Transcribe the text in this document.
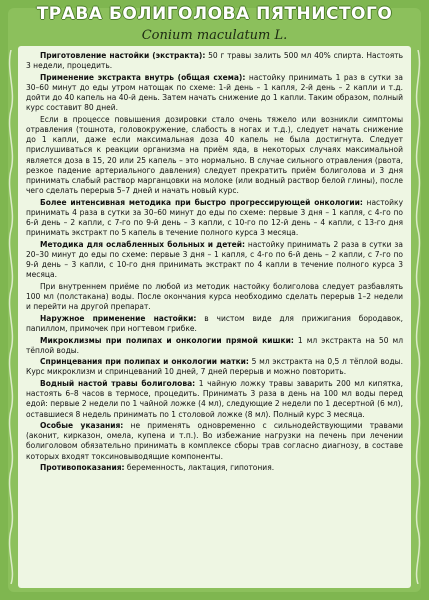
ТРАВА БОЛИГОЛОВА ПЯТНИСТОГО
Conium maculatum L.

Приготовление настойки (экстракта): 50 г травы залить 500 мл 40% спирта. Настоять 3 недели, процедить.

Применение экстракта внутрь (общая схема): настойку принимать 1 раз в сутки за 30–60 минут до еды утром натощак по схеме: 1-й день – 1 капля, 2-й день – 2 капли и т.д. дойти до 40 капель на 40-й день. Затем начать снижение до 1 капли. Таким образом, полный курс составит 80 дней.

Если в процессе повышения дозировки стало очень тяжело или возникли симптомы отравления (тошнота, головокружение, слабость в ногах и т.д.), следует начать снижение до 1 капли, даже если максимальная доза 40 капель не была достигнута. Следует прислушиваться к реакции организма на приём яда, в некоторых случаях максимальной является доза в 15, 20 или 25 капель – это нормально. В случае сильного отравления (рвота, резкое падение артериального давления) следует прекратить приём болиголова и 3 дня принимать слабый раствор марганцовки на молоке (или водный раствор белой глины), после чего сделать перерыв 5–7 дней и начать новый курс.

Более интенсивная методика при быстро прогрессирующей онкологии: настойку принимать 4 раза в сутки за 30–60 минут до еды по схеме: первые 3 дня – 1 капля, с 4-го по 6-й день – 2 капли, с 7-го по 9-й день – 3 капли, с 10-го по 12-й день – 4 капли, с 13-го дня принимать экстракт по 5 капель в течение полного курса 3 месяца.

Методика для ослабленных больных и детей: настойку принимать 2 раза в сутки за 20–30 минут до еды по схеме: первые 3 дня – 1 капля, с 4-го по 6-й день – 2 капли, с 7-го по 9-й день – 3 капли, с 10-го дня принимать экстракт по 4 капли в течение полного курса 3 месяца.

При внутреннем приёме по любой из методик настойку болиголова следует разбавлять 100 мл (полстакана) воды. После окончания курса необходимо сделать перерыв 1–2 недели и перейти на другой препарат.

Наружное применение настойки: в чистом виде для прижигания бородавок, папиллом, примочек при ногтевом грибке.

Микроклизмы при полипах и онкологии прямой кишки: 1 мл экстракта на 50 мл тёплой воды.

Спринцевания при полипах и онкологии матки: 5 мл экстракта на 0,5 л тёплой воды. Курс микроклизм и спринцеваний 10 дней, 7 дней перерыв и можно повторить.

Водный настой травы болиголова: 1 чайную ложку травы заварить 200 мл кипятка, настоять 6–8 часов в термосе, процедить. Принимать 3 раза в день на 100 мл воды перед едой: первые 2 недели по 1 чайной ложке (4 мл), следующие 2 недели по 1 десертной (6 мл), оставшиеся 8 недель принимать по 1 столовой ложке (8 мл). Полный курс 3 месяца.

Особые указания: не применять одновременно с сильнодействующими травами (аконит, кирказон, омела, купена и т.п.). Во избежание нагрузки на печень при лечении болиголовом обязательно принимать в комплексе сборы трав согласно диагнозу, в составе которых входят токсиновыводящие компоненты.

Противопоказания: беременность, лактация, гипотония.
